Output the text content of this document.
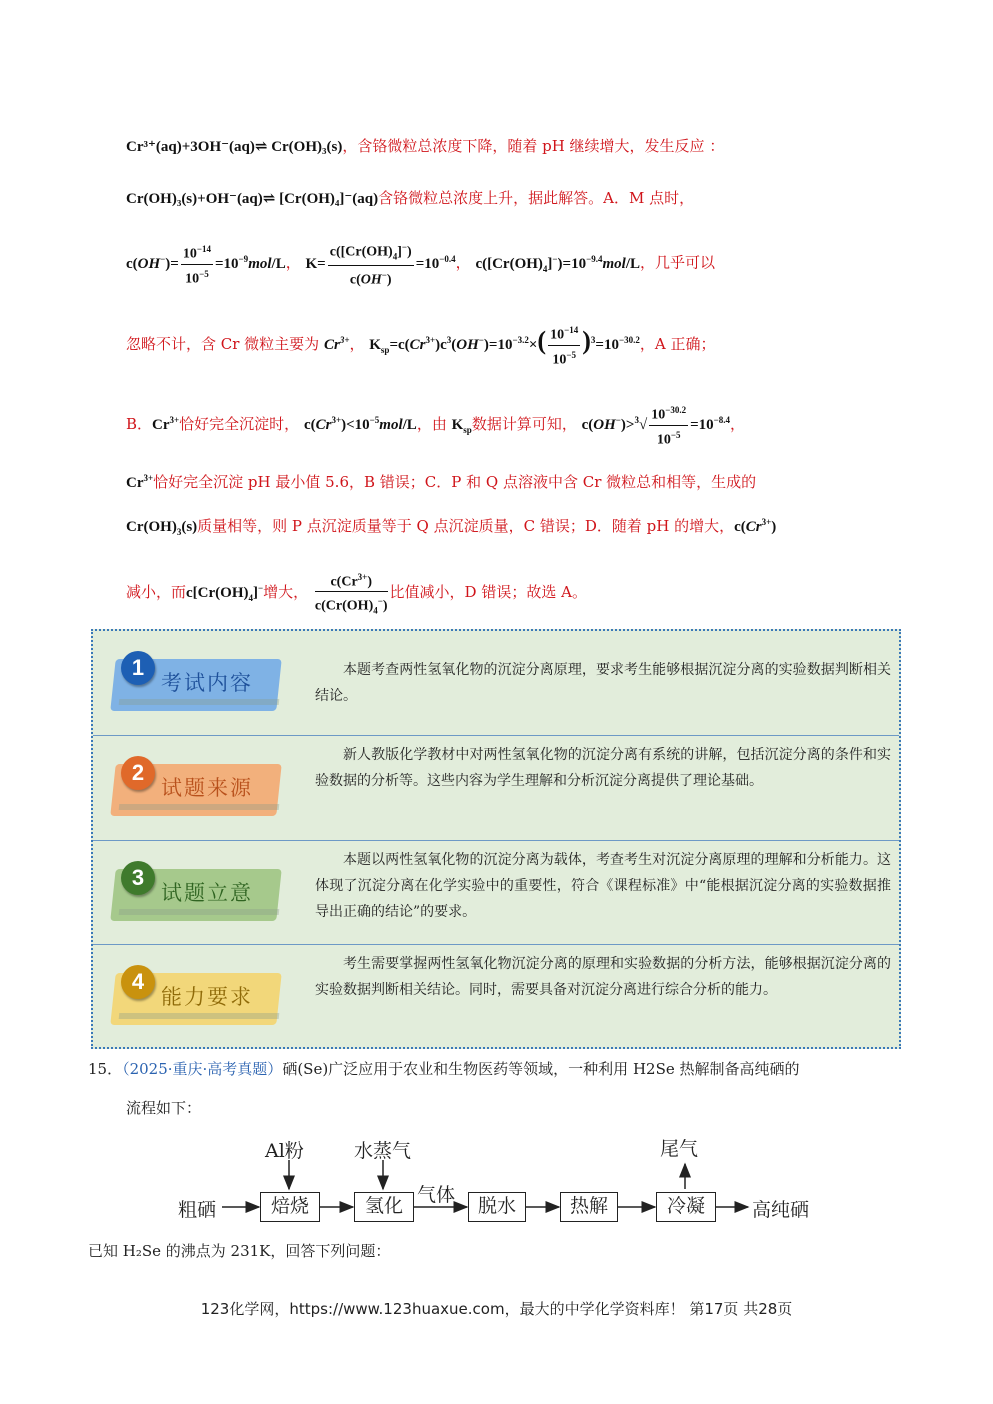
Cr³⁺(aq)+3OH⁻(aq)⇌ Cr(OH)₃(s)，含铬微粒总浓度下降，随着 pH 继续增大，发生反应 ：
Cr(OH)₃(s)+OH⁻(aq)⇌ [Cr(OH)₄]⁻(aq)含铬微粒总浓度上升，据此解答。A．M 点时，
$c(OH^-)= \frac{10^{-14}}{10^{-5}} =10^{-9}mol/L$， $K= \frac{c([Cr(OH)_4]^-)}{c(OH^-)} =10^{-0.4}$， $c([Cr(OH)_4]^-)=10^{-9.4}mol/L$，几乎可以
忽略不计，含 Cr 微粒主要为 $Cr^{3+}$， $K_{sp}=c(Cr^{3+})c^3(OH^-)=10^{-3.2}\times( \frac{10^{-14}}{10^{-5}} )^3=10^{-30.2}$，A 正确；
B．$Cr^{3+}$恰好完全沉淀时， $c(Cr^{3+})<10^{-5}mol/L$，由 $K_{sp}$数据计算可知， $c(OH^-)>^3√ \frac{10^{-30.2}}{10^{-5}} =10^{-8.4}$，
$Cr^{3+}$恰好完全沉淀 pH 最小值 5.6，B 错误；C．P 和 Q 点溶液中含 Cr 微粒总和相等，生成的
$Cr(OH)_3(s)$质量相等，则 P 点沉淀质量等于 Q 点沉淀质量，C 错误；D．随着 pH 的增大，$c(Cr^{3+})$
减小，而$c[Cr(OH)_4]^-$增大， $\frac{c(Cr^{3+})}{c(Cr(OH)_4^-)}$ 比值减小，D 错误；故选 A。
1
考试内容
本题考查两性氢氧化物的沉淀分离原理，要求考生能够根据沉淀分离的实验数据判断相关结论。
2
试题来源
新人教版化学教材中对两性氢氧化物的沉淀分离有系统的讲解，包括沉淀分离的条件和实验数据的分析等。这些内容为学生理解和分析沉淀分离提供了理论基础。
3
试题立意
本题以两性氢氧化物的沉淀分离为载体，考查考生对沉淀分离原理的理解和分析能力。这体现了沉淀分离在化学实验中的重要性，符合《课程标准》中“能根据沉淀分离的实验数据推导出正确的结论”的要求。
4
能力要求
考生需要掌握两性氢氧化物沉淀分离的原理和实验数据的分析方法，能够根据沉淀分离的实验数据判断相关结论。同时，需要具备对沉淀分离进行综合分析的能力。
15．（2025·重庆·高考真题）硒(Se)广泛应用于农业和生物医药等领域，一种利用 H2Se 热解制备高纯硒的
流程如下：
粗硒	焙烧	氢化	脱水	热解	冷凝	高纯硒
Al粉	水蒸气
气体
尾气
已知 H₂Se 的沸点为 231K，回答下列问题：
123化学网，https://www.123huaxue.com，最大的中学化学资料库！ 第17页 共28页
